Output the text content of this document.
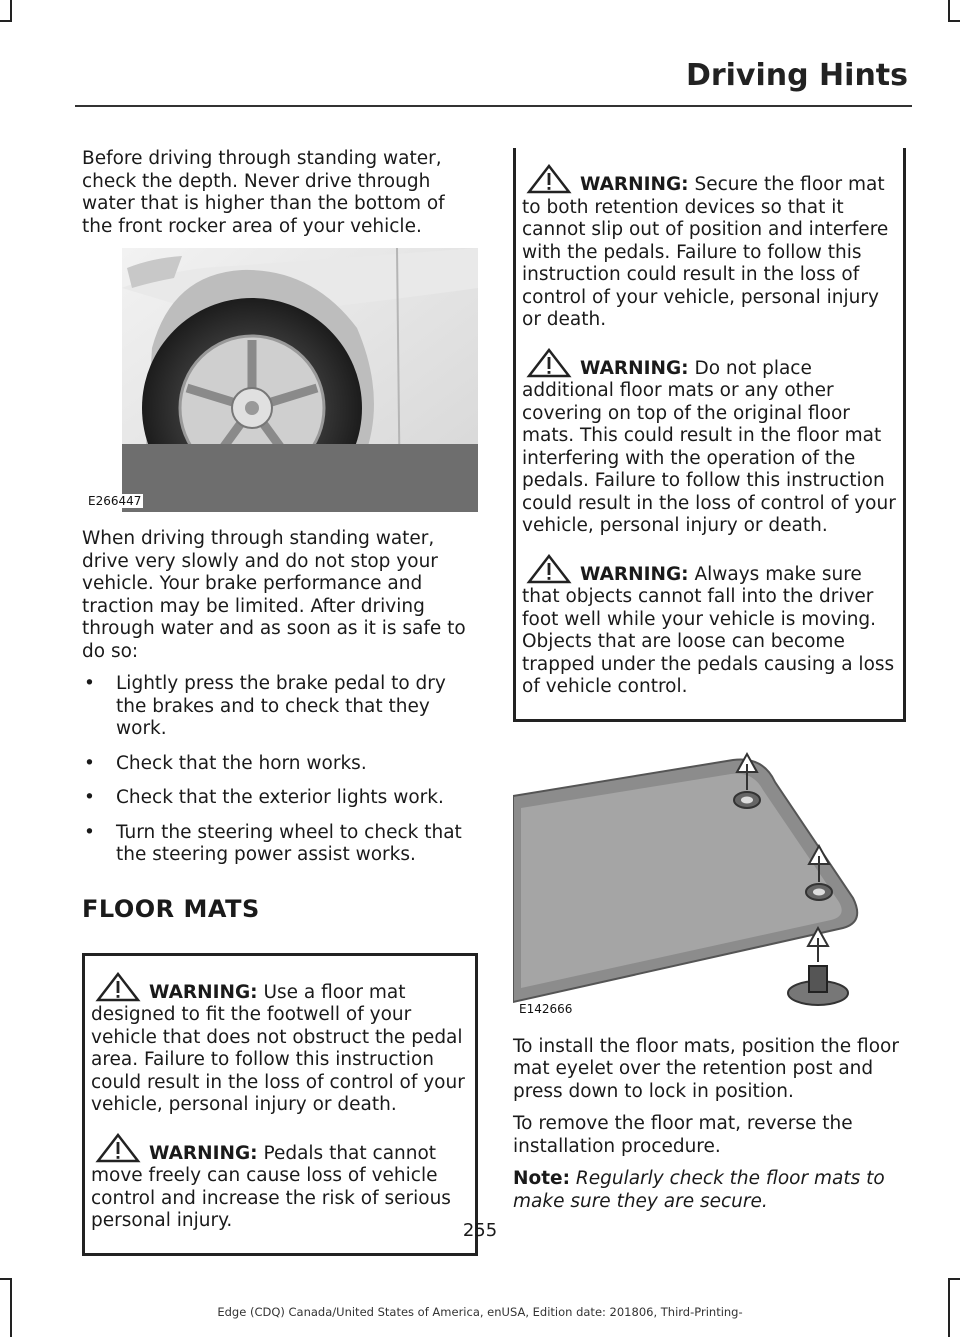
Driving Hints

Before driving through standing water, check the depth. Never drive through water that is higher than the bottom of the front rocker area of your vehicle.

E266447

When driving through standing water, drive very slowly and do not stop your vehicle. Your brake performance and traction may be limited. After driving through water and as soon as it is safe to do so:

• Lightly press the brake pedal to dry the brakes and to check that they work.
• Check that the horn works.
• Check that the exterior lights work.
• Turn the steering wheel to check that the steering power assist works.
FLOOR MATS
WARNING: Use a floor mat designed to fit the footwell of your vehicle that does not obstruct the pedal area. Failure to follow this instruction could result in the loss of control of your vehicle, personal injury or death.
WARNING: Pedals that cannot move freely can cause loss of vehicle control and increase the risk of serious personal injury.
WARNING: Secure the floor mat to both retention devices so that it cannot slip out of position and interfere with the pedals. Failure to follow this instruction could result in the loss of control of your vehicle, personal injury or death.
WARNING: Do not place additional floor mats or any other covering on top of the original floor mats. This could result in the floor mat interfering with the operation of the pedals. Failure to follow this instruction could result in the loss of control of your vehicle, personal injury or death.
WARNING: Always make sure that objects cannot fall into the driver foot well while your vehicle is moving. Objects that are loose can become trapped under the pedals causing a loss of vehicle control.
E142666

To install the floor mats, position the floor mat eyelet over the retention post and press down to lock in position.

To remove the floor mat, reverse the installation procedure.

Note: Regularly check the floor mats to make sure they are secure.

255
Edge (CDQ) Canada/United States of America, enUSA, Edition date: 201806, Third-Printing-
